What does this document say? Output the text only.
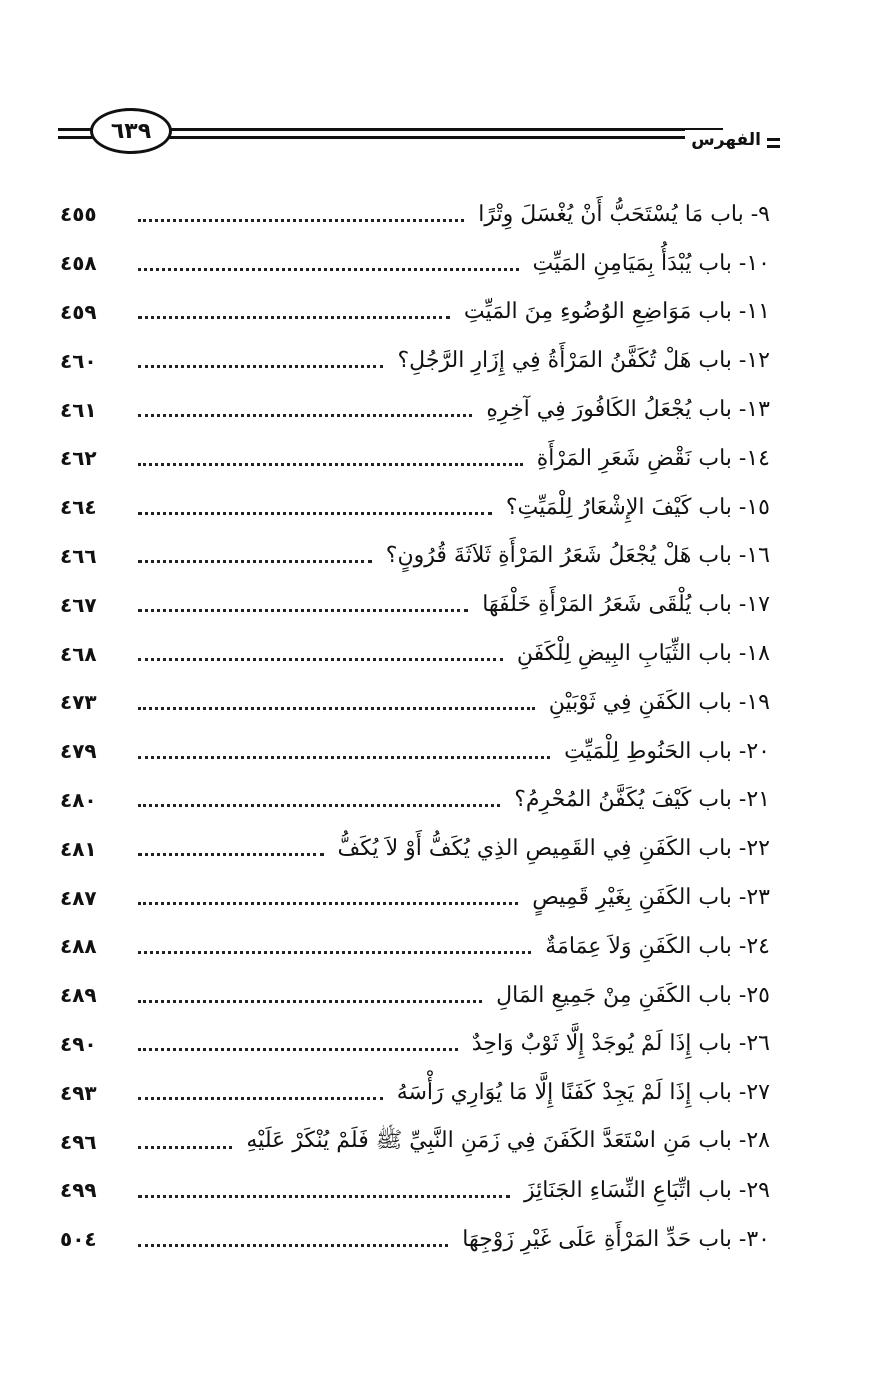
٦٣٩	الفهرس
٩- باب مَا يُسْتَحَبُّ أَنْ يُغْسَلَ وِتْرًا
٤٥٥
١٠- باب يُبْدَأُ بِمَيَامِنِ المَيِّتِ
٤٥٨
١١- باب مَوَاضِعِ الوُضُوءِ مِنَ المَيِّتِ
٤٥٩
١٢- باب هَلْ تُكَفَّنُ المَرْأَةُ فِي إِزَارِ الرَّجُلِ؟
٤٦٠
١٣- باب يُجْعَلُ الكَافُورَ فِي آخِرِهِ
٤٦١
١٤- باب نَقْضِ شَعَرِ المَرْأَةِ
٤٦٢
١٥- باب كَيْفَ الإِشْعَارُ لِلْمَيِّتِ؟
٤٦٤
١٦- باب هَلْ يُجْعَلُ شَعَرُ المَرْأَةِ ثَلاَثَةَ قُرُونٍ؟
٤٦٦
١٧- باب يُلْقَى شَعَرُ المَرْأَةِ خَلْفَهَا
٤٦٧
١٨- باب الثِّيَابِ البِيضِ لِلْكَفَنِ
٤٦٨
١٩- باب الكَفَنِ فِي ثَوْبَيْنِ
٤٧٣
٢٠- باب الحَنُوطِ لِلْمَيِّتِ
٤٧٩
٢١- باب كَيْفَ يُكَفَّنُ المُحْرِمُ؟
٤٨٠
٢٢- باب الكَفَنِ فِي القَمِيصِ الذِي يُكَفُّ أَوْ لاَ يُكَفُّ
٤٨١
٢٣- باب الكَفَنِ بِغَيْرِ قَمِيصٍ
٤٨٧
٢٤- باب الكَفَنِ وَلاَ عِمَامَةٌ
٤٨٨
٢٥- باب الكَفَنِ مِنْ جَمِيعِ المَالِ
٤٨٩
٢٦- باب إِذَا لَمْ يُوجَدْ إِلَّا ثَوْبٌ وَاحِدٌ
٤٩٠
٢٧- باب إِذَا لَمْ يَجِدْ كَفَنًا إِلَّا مَا يُوَارِي رَأْسَهُ
٤٩٣
٢٨- باب مَنِ اسْتَعَدَّ الكَفَنَ فِي زَمَنِ النَّبِيِّ ﷺ فَلَمْ يُنْكَرْ عَلَيْهِ
٤٩٦
٢٩- باب اتِّبَاعِ النِّسَاءِ الجَنَائِزَ
٤٩٩
٣٠- باب حَدِّ المَرْأَةِ عَلَى غَيْرِ زَوْجِهَا
٥٠٤
